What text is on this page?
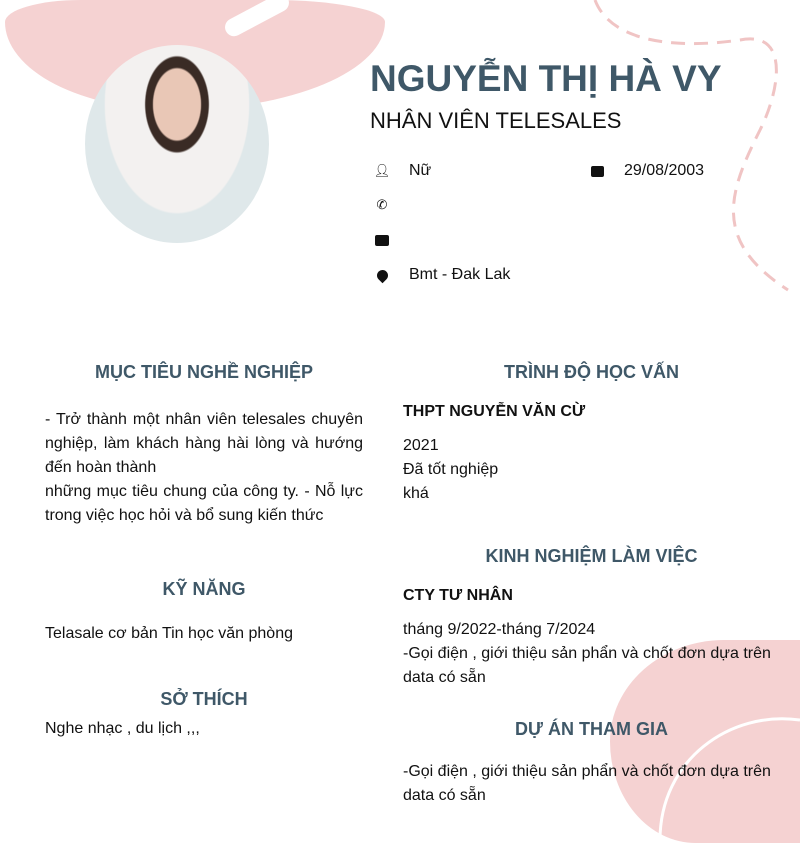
NGUYỄN THỊ HÀ VY
NHÂN VIÊN TELESALES
👤︎ Nữ	29/08/2003
✆
Bmt - Đak Lak
MỤC TIÊU NGHỀ NGHIỆP
- Trở thành một nhân viên telesales chuyên nghiệp, làm khách hàng hài lòng và hướng đến hoàn thành
những mục tiêu chung của công ty. - Nỗ lực trong việc học hỏi và bổ sung kiến thức
KỸ NĂNG
Telasale cơ bản Tin học văn phòng
SỞ THÍCH
Nghe nhạc , du lịch ,,,
TRÌNH ĐỘ HỌC VẤN
THPT NGUYỄN VĂN CỪ
2021
Đã tốt nghiệp
khá
KINH NGHIỆM LÀM VIỆC
CTY TƯ NHÂN
tháng 9/2022-tháng 7/2024
-Gọi điện , giới thiệu sản phẩn và chốt đơn dựa trên data có sẵn
DỰ ÁN THAM GIA
-Gọi điện , giới thiệu sản phẩn và chốt đơn dựa trên data có sẵn
